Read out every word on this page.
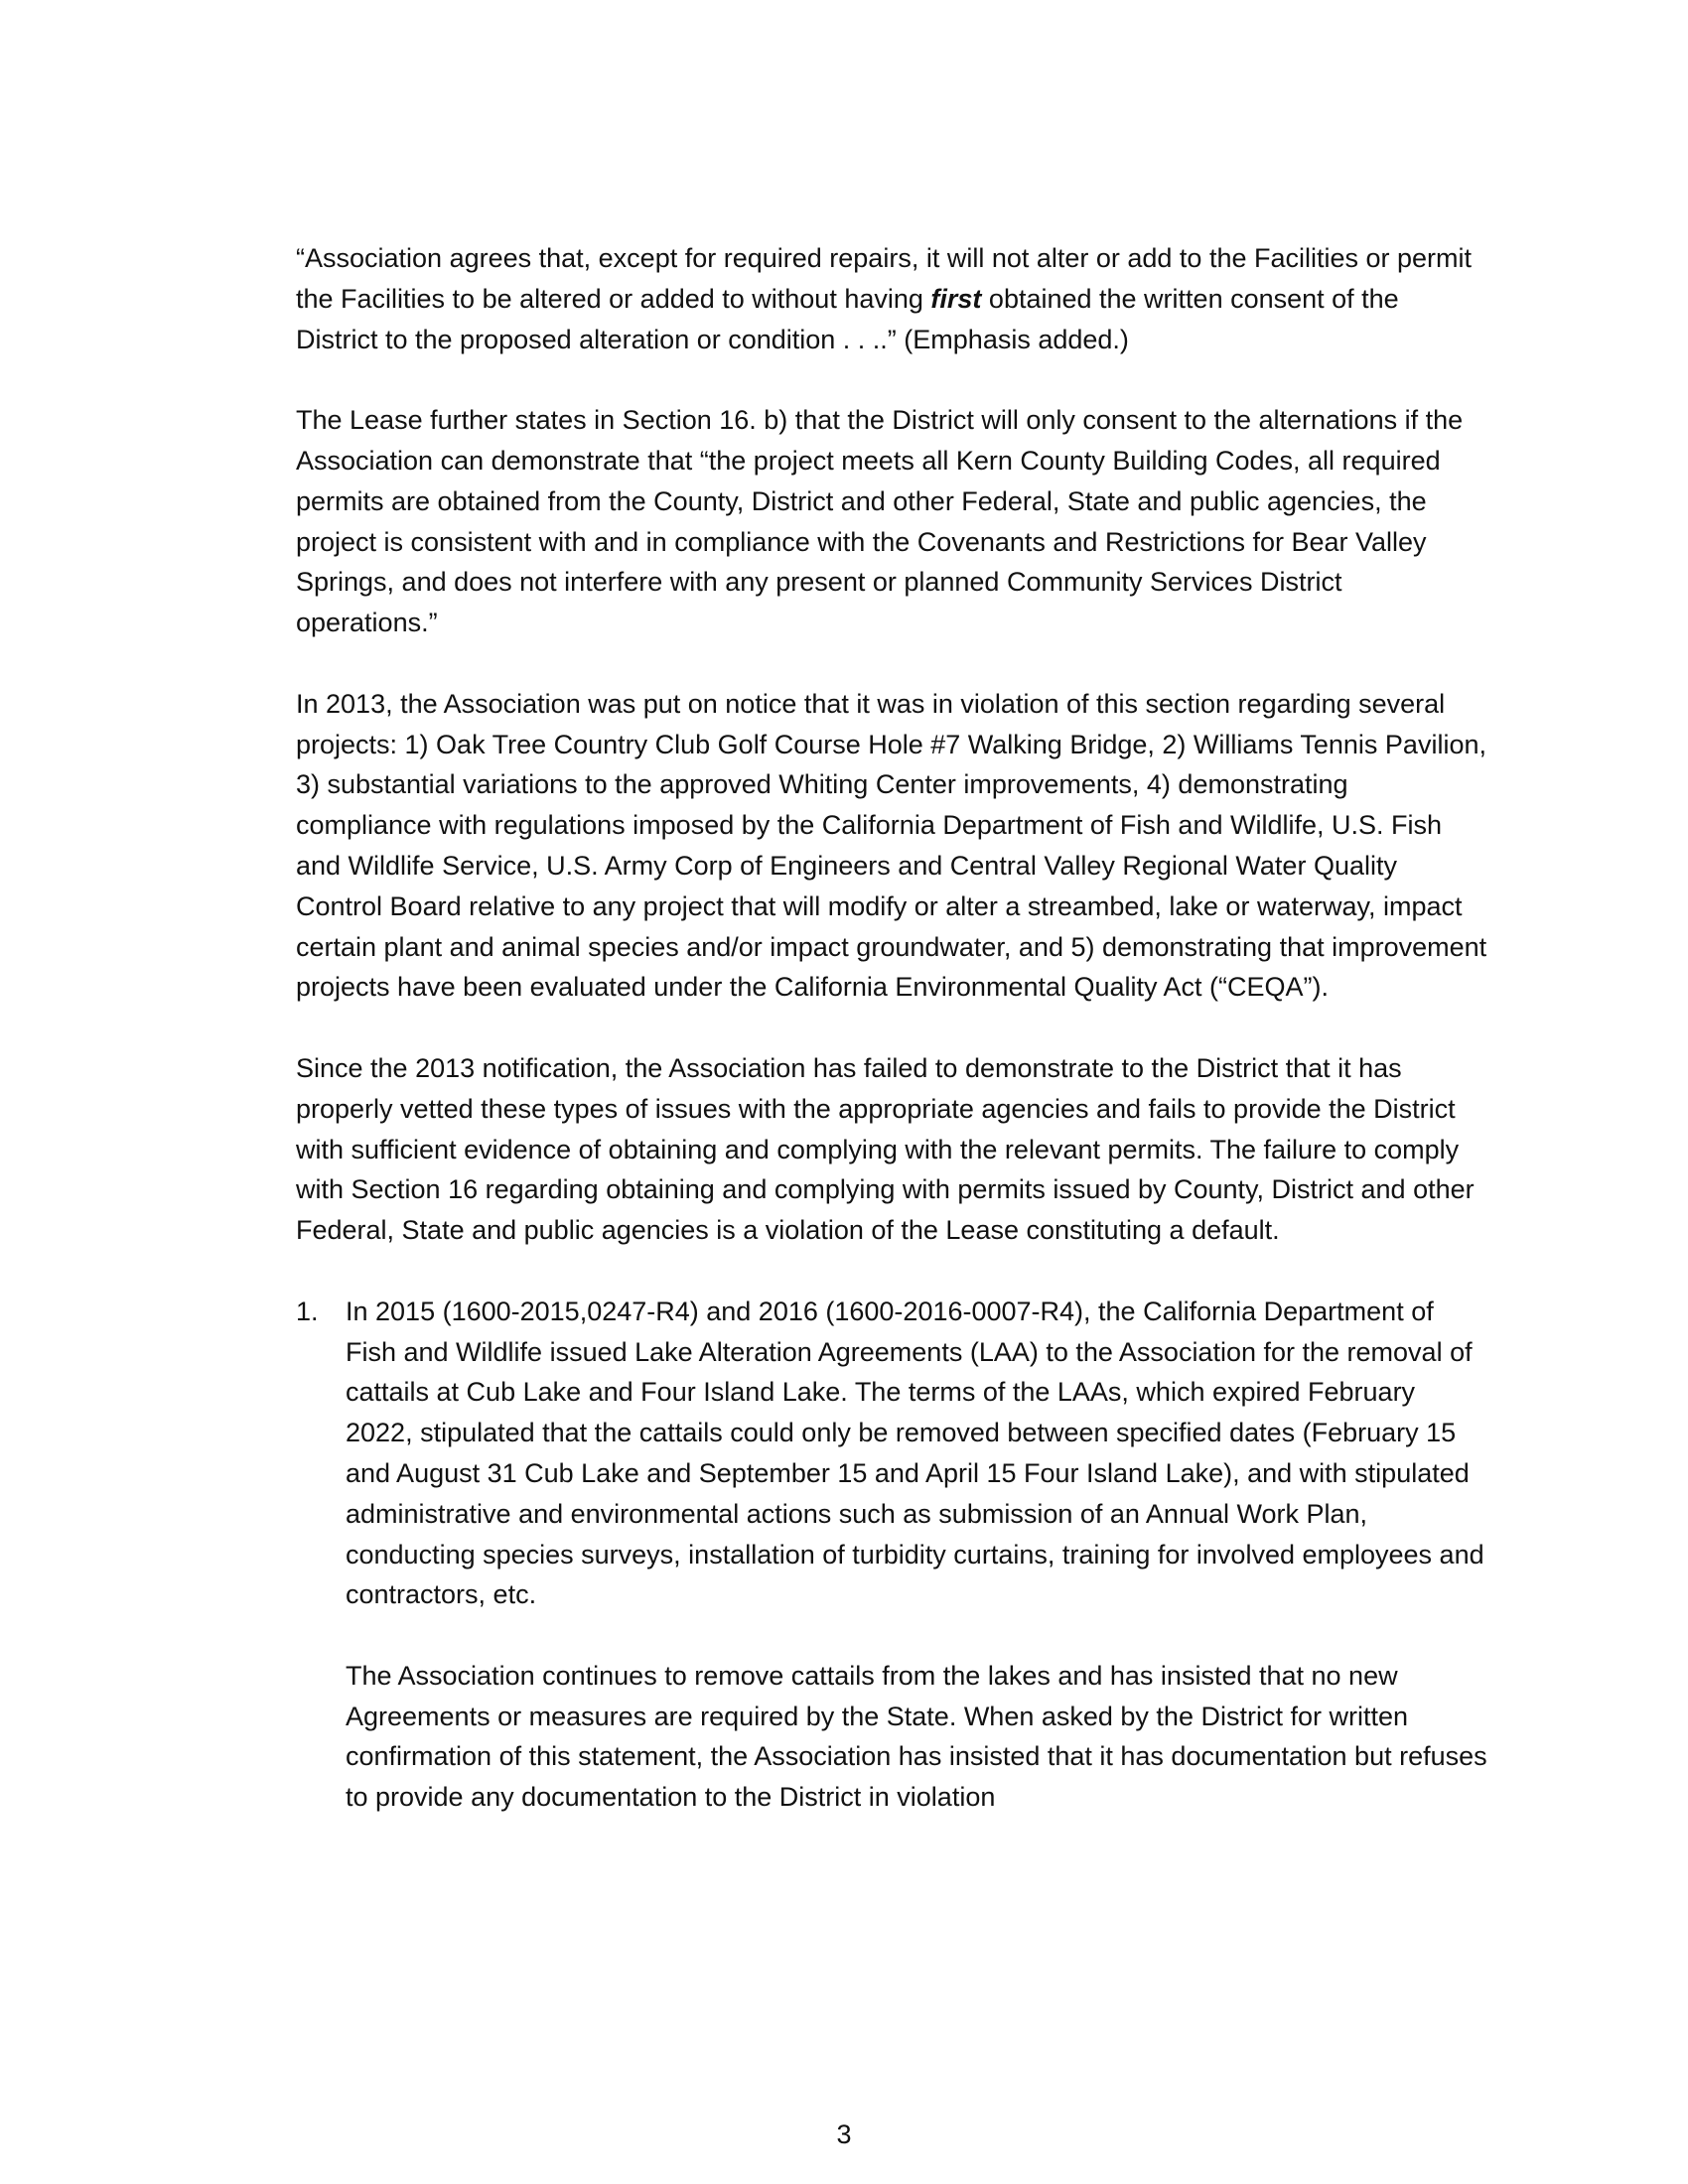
“Association agrees that, except for required repairs, it will not alter or add to the Facilities or permit the Facilities to be altered or added to without having first obtained the written consent of the District to the proposed alteration or condition . . ..” (Emphasis added.)

The Lease further states in Section 16. b) that the District will only consent to the alternations if the Association can demonstrate that “the project meets all Kern County Building Codes, all required permits are obtained from the County, District and other Federal, State and public agencies, the project is consistent with and in compliance with the Covenants and Restrictions for Bear Valley Springs, and does not interfere with any present or planned Community Services District operations.”

In 2013, the Association was put on notice that it was in violation of this section regarding several projects: 1) Oak Tree Country Club Golf Course Hole #7 Walking Bridge, 2) Williams Tennis Pavilion, 3) substantial variations to the approved Whiting Center improvements, 4) demonstrating compliance with regulations imposed by the California Department of Fish and Wildlife, U.S. Fish and Wildlife Service, U.S. Army Corp of Engineers and Central Valley Regional Water Quality Control Board relative to any project that will modify or alter a streambed, lake or waterway, impact certain plant and animal species and/or impact groundwater, and 5) demonstrating that improvement projects have been evaluated under the California Environmental Quality Act (“CEQA”).

Since the 2013 notification, the Association has failed to demonstrate to the District that it has properly vetted these types of issues with the appropriate agencies and fails to provide the District with sufficient evidence of obtaining and complying with the relevant permits. The failure to comply with Section 16 regarding obtaining and complying with permits issued by County, District and other Federal, State and public agencies is a violation of the Lease constituting a default.

1. In 2015 (1600-2015,0247-R4) and 2016 (1600-2016-0007-R4), the California Department of Fish and Wildlife issued Lake Alteration Agreements (LAA) to the Association for the removal of cattails at Cub Lake and Four Island Lake. The terms of the LAAs, which expired February 2022, stipulated that the cattails could only be removed between specified dates (February 15 and August 31 Cub Lake and September 15 and April 15 Four Island Lake), and with stipulated administrative and environmental actions such as submission of an Annual Work Plan, conducting species surveys, installation of turbidity curtains, training for involved employees and contractors, etc.

The Association continues to remove cattails from the lakes and has insisted that no new Agreements or measures are required by the State. When asked by the District for written confirmation of this statement, the Association has insisted that it has documentation but refuses to provide any documentation to the District in violation

3
